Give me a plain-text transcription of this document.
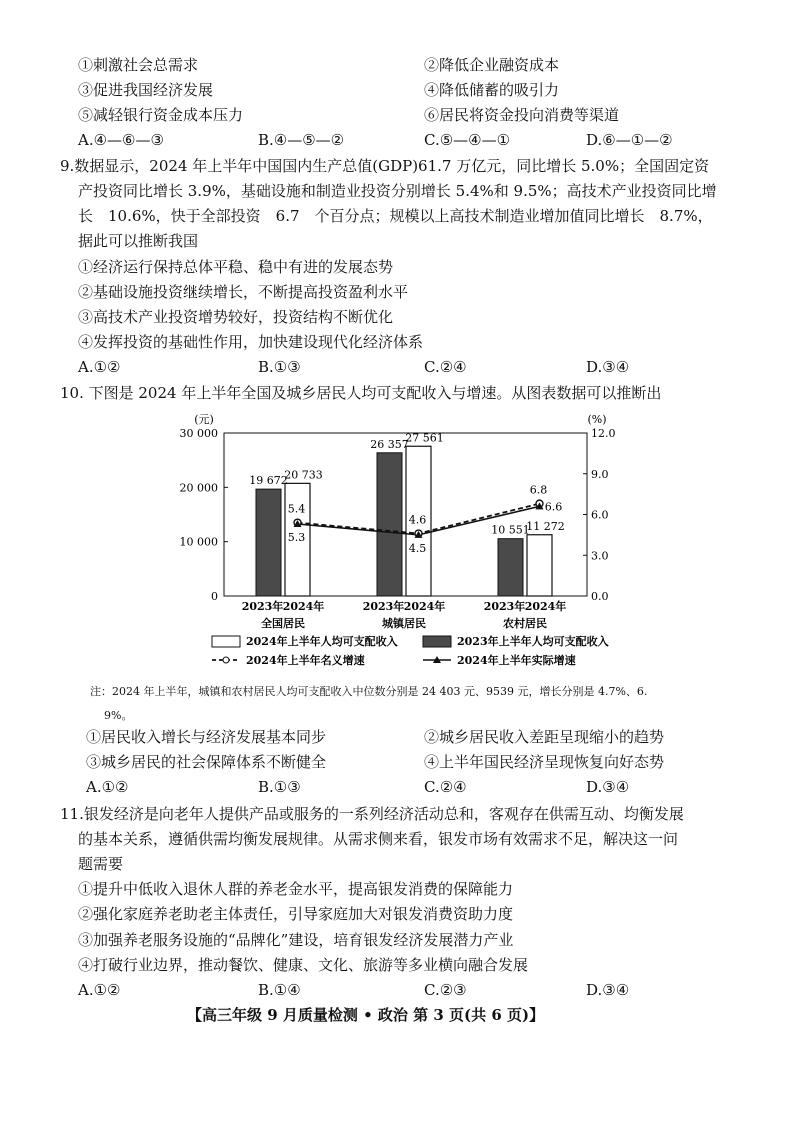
①刺激社会总需求	②降低企业融资成本
③促进我国经济发展	④降低储蓄的吸引力
⑤减轻银行资金成本压力	⑥居民将资金投向消费等渠道
A.④—⑥—③	B.④—⑤—②	C.⑤—④—①	D.⑥—①—②
9.数据显示，2024 年上半年中国国内生产总值(GDP)61.7 万亿元，同比增长 5.0%；全国固定资
产投资同比增长 3.9%，基础设施和制造业投资分别增长 5.4%和 9.5%；高技术产业投资同比增
长　10.6%，快于全部投资　6.7　个百分点；规模以上高技术制造业增加值同比增长　8.7%，
据此可以推断我国
①经济运行保持总体平稳、稳中有进的发展态势
②基础设施投资继续增长，不断提高投资盈利水平
③高技术产业投资增势较好，投资结构不断优化
④发挥投资的基础性作用，加快建设现代化经济体系
A.①②	B.①③	C.②④	D.③④
10. 下图是 2024 年上半年全国及城乡居民人均可支配收入与增速。从图表数据可以推断出
0
10 000
20 000
30 000
0.0
3.0
6.0
9.0
12.0
(元)	(%)
19 672
20 733
2023年 2024年
全国居民
26 357
27 561
2023年 2024年
城镇居民
10 551
11 272
2023年 2024年
农村居民
5.4
4.6
6.8
5.3
4.5
6.6
2024年上半年人均可支配收入	2023年上半年人均可支配收入
2024年上半年名义增速	2024年上半年实际增速
注：2024 年上半年，城镇和农村居民人均可支配收入中位数分别是 24 403 元、9539 元，增长分别是 4.7%、6.
9%。
①居民收入增长与经济发展基本同步	②城乡居民收入差距呈现缩小的趋势
③城乡居民的社会保障体系不断健全	④上半年国民经济呈现恢复向好态势
A.①②	B.①③	C.②④	D.③④
11.银发经济是向老年人提供产品或服务的一系列经济活动总和，客观存在供需互动、均衡发展
的基本关系，遵循供需均衡发展规律。从需求侧来看，银发市场有效需求不足，解决这一问
题需要
①提升中低收入退休人群的养老金水平，提高银发消费的保障能力
②强化家庭养老助老主体责任，引导家庭加大对银发消费资助力度
③加强养老服务设施的“品牌化”建设，培育银发经济发展潜力产业
④打破行业边界，推动餐饮、健康、文化、旅游等多业横向融合发展
A.①②	B.①④	C.②③	D.③④
【高三年级 9 月质量检测 • 政治 第 3 页(共 6 页)】
